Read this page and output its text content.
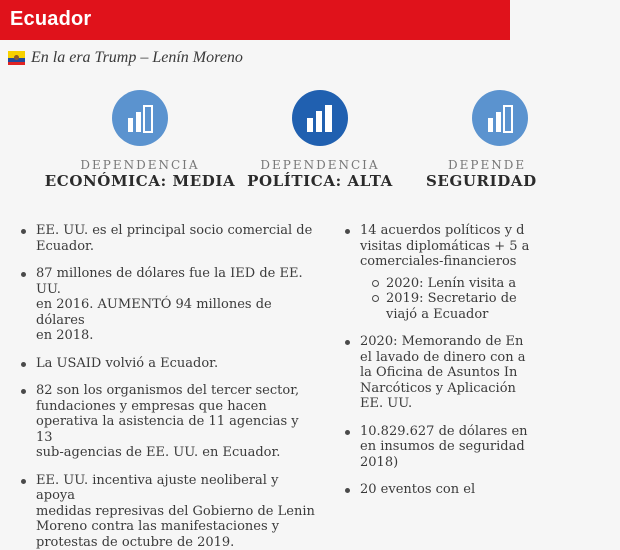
Ecuador
En la era Trump – Lenín Moreno
DEPENDENCIA
ECONÓMICA: MEDIA
DEPENDENCIA
POLÍTICA: ALTA
DEPENDE
SEGURIDAD
EE. UU. es el principal socio comercial de
Ecuador.
87 millones de dólares fue la IED de EE. UU.
en 2016. AUMENTÓ 94 millones de dólares
en 2018.
La USAID volvió a Ecuador.
82 son los organismos del tercer sector,
fundaciones y empresas que hacen
operativa la asistencia de 11 agencias y 13
sub-agencias de EE. UU. en Ecuador.
EE. UU. incentiva ajuste neoliberal y apoya
medidas represivas del Gobierno de Lenin
Moreno contra las manifestaciones y
protestas de octubre de 2019.
14 acuerdos políticos y d
visitas diplomáticas + 5 a
comerciales-financieros
2020: Lenín visita a
2019: Secretario de
viajó a Ecuador
2020: Memorando de En
el lavado de dinero con a
la Oficina de Asuntos In
Narcóticos y Aplicación
EE. UU.
10.829.627 de dólares en
en insumos de seguridad
2018)
20 eventos con el
